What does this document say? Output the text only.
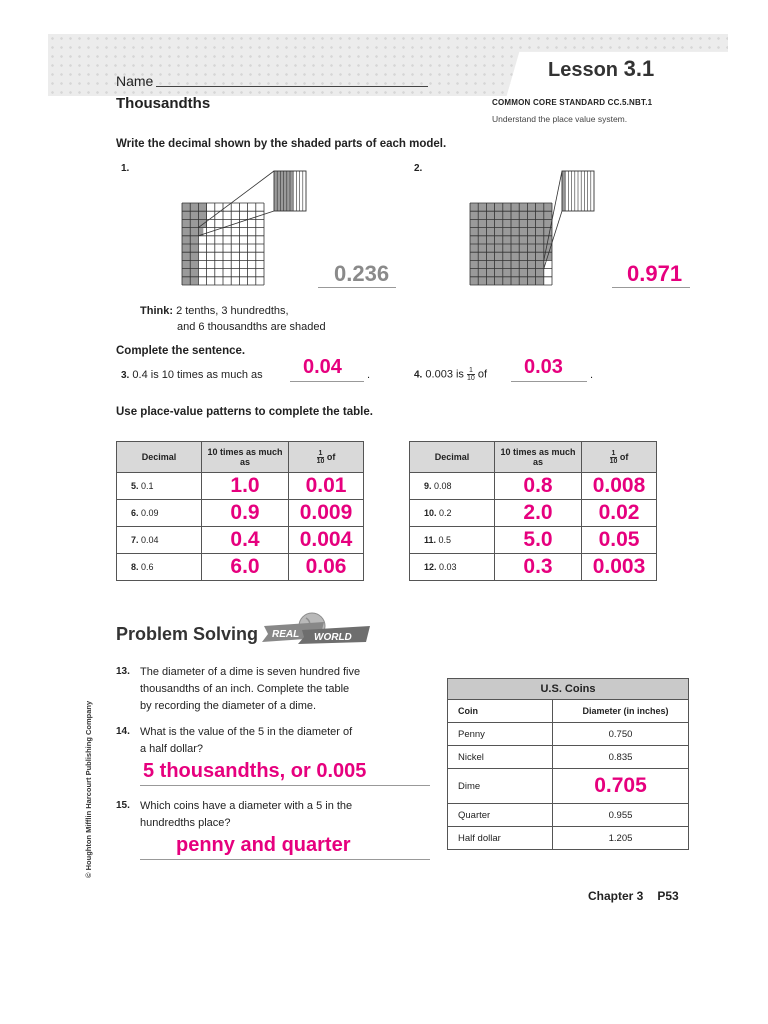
Lesson 3.1
Name
Thousandths	COMMON CORE STANDARD CC.5.NBT.1
Understand the place value system.
Write the decimal shown by the shaded parts of each model.
1.	2.
0.236	0.971
Think: 2 tenths, 3 hundredths,
and 6 thousandths are shaded
Complete the sentence.
3. 0.4 is 10 times as much as 0.04 .	4. 0.003 is $\frac{1}{10}$ of 0.03 .
Use place-value patterns to complete the table.
Decimal	10 times as much as	$\frac{1}{10}$ of
5. 0.1	1.0	0.01
6. 0.09	0.9	0.009
7. 0.04	0.4	0.004
8. 0.6	6.0	0.06
Decimal	10 times as much as	$\frac{1}{10}$ of
9. 0.08	0.8	0.008
10. 0.2	2.0	0.02
11. 0.5	5.0	0.05
12. 0.03	0.3	0.003
Problem Solving REAL WORLD
13. The diameter of a dime is seven hundred five
thousandths of an inch. Complete the table
by recording the diameter of a dime.
14. What is the value of the 5 in the diameter of
a half dollar?
5 thousandths, or 0.005
15. Which coins have a diameter with a 5 in the
hundredths place?
penny and quarter
U.S. Coins	
Coin	Diameter (in inches)
Penny	0.750
Nickel	0.835
Dime	0.705
Quarter	0.955
Half dollar	1.205
© Houghton Mifflin Harcourt Publishing Company
Chapter 3 P53
